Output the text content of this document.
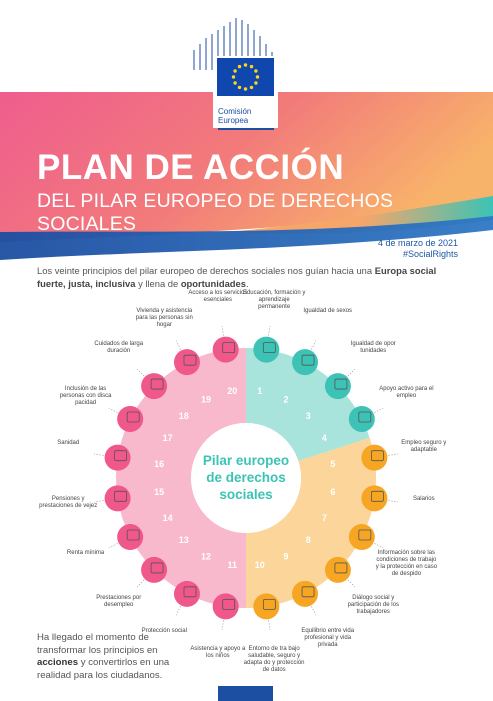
Comisión
Europea
PLAN DE ACCIÓN
DEL PILAR EUROPEO DE DERECHOS SOCIALES
4 de marzo de 2021
#SocialRights
Los veinte principios del pilar europeo de derechos sociales nos guían hacia una Europa social fuerte, justa, inclusiva y llena de oportunidades.
1
2
3
4
5
6
7
8
9
10
11
12
13
14
15
16
17
18
19
20
Educación, formación y aprendizaje permanente
Igualdad de sexos
Igualdad de opor tunidades
Apoyo activo para el empleo
Empleo seguro y adaptable
Salarios
Información sobre las condiciones de trabajo y la protección en caso de despido
Diálogo social y participación de los trabajadores
Equilibrio entre vida profesional y vida privada
Entorno de tra bajo saludable, seguro y adapta do y protección de datos
Asistencia y apoyo a los niños
Protección social
Prestaciones por desempleo
Renta mínima
Pensiones y prestaciones de vejez
Sanidad
Inclusión de las personas con disca pacidad
Cuidados de larga duración
Vivienda y asistencia para las personas sin hogar
Acceso a los servicios esenciales
Pilar europeo
de derechos
sociales
Ha llegado el momento de transformar los principios en acciones y convertirlos en una realidad para los ciudadanos.
